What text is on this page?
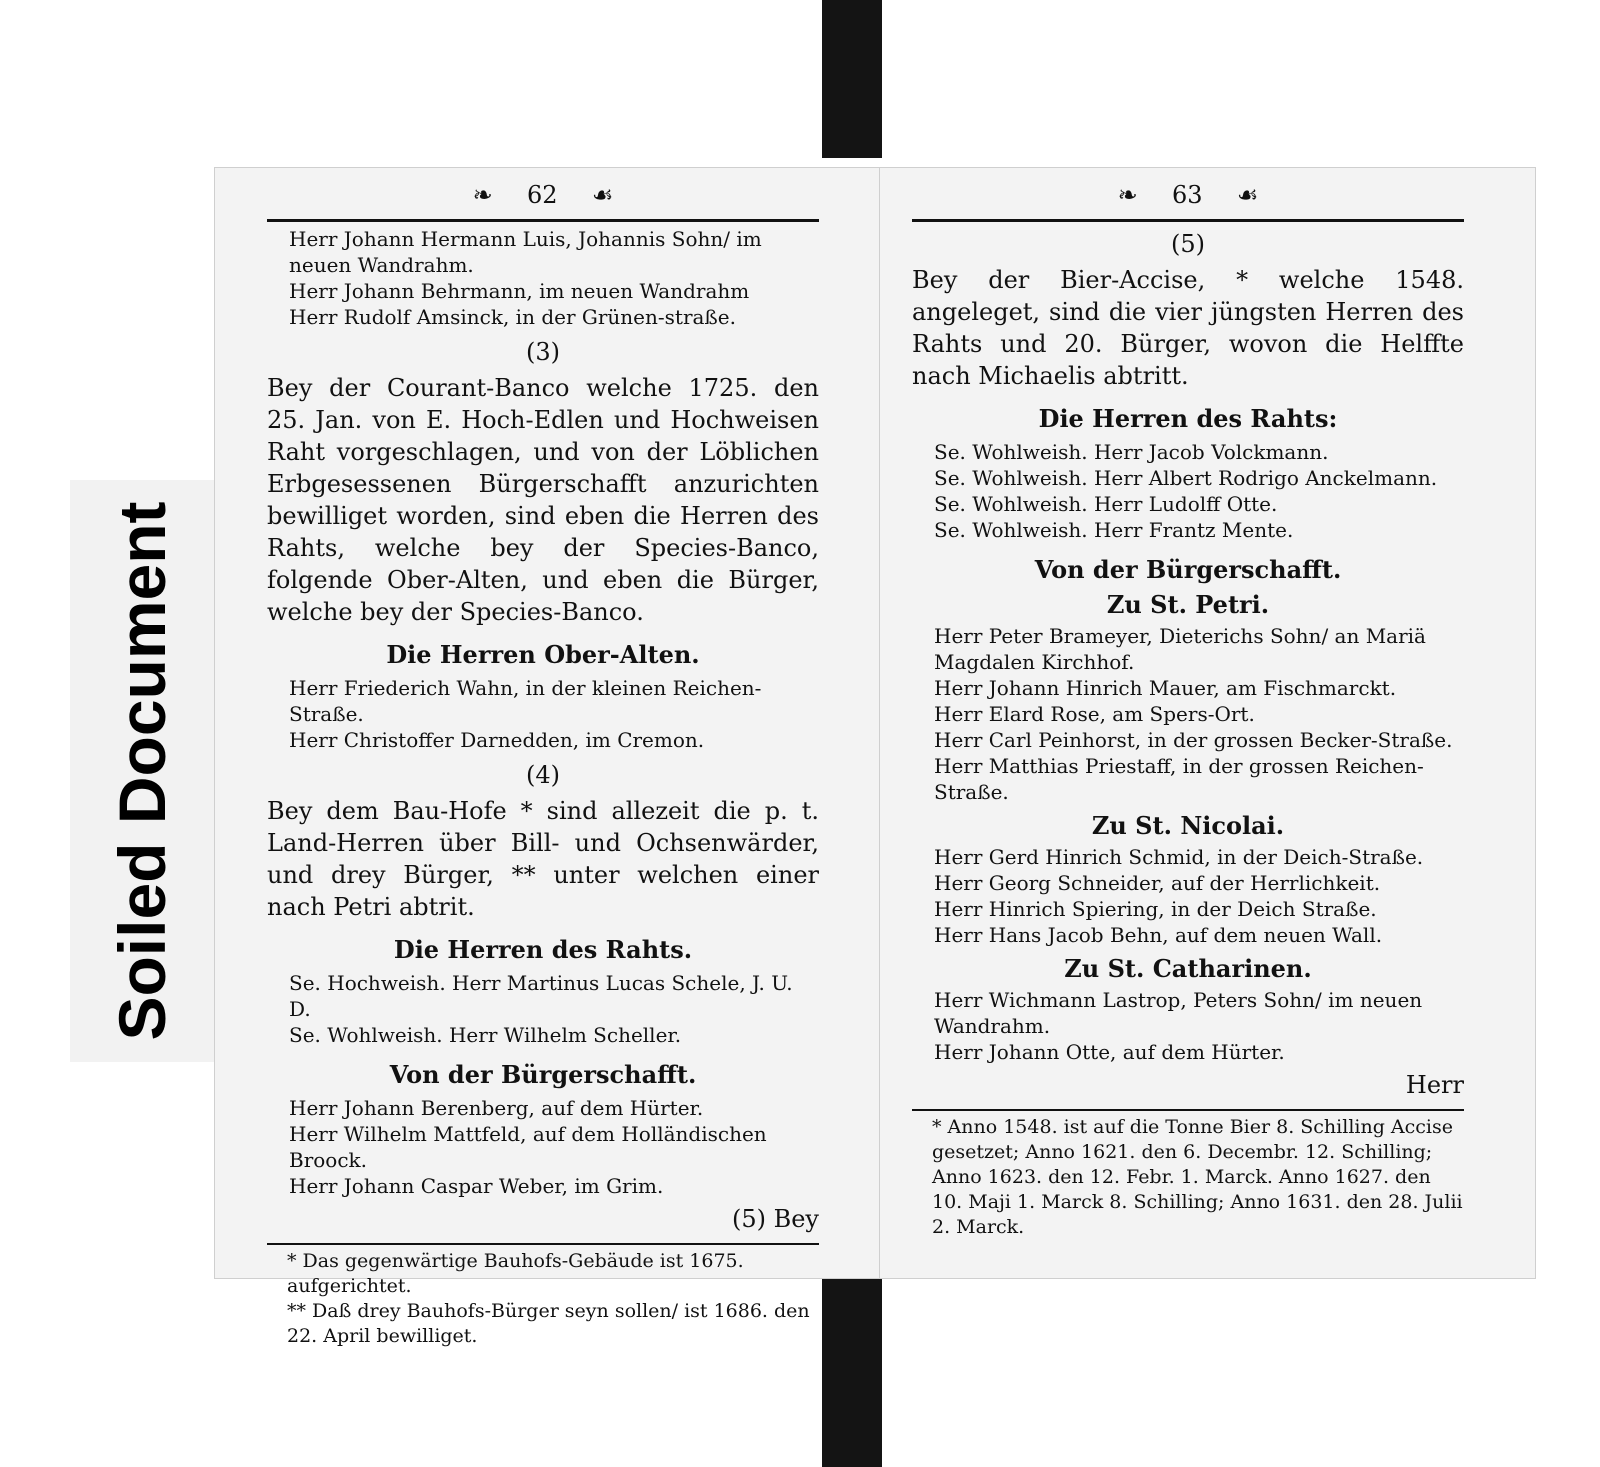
Soiled Document
❧ 62 ☙
Herr Johann Hermann Luis, Johannis Sohn/ im neuen Wandrahm.
Herr Johann Behrmann, im neuen Wandrahm
Herr Rudolf Amsinck, in der Grünen-straße.
(3)

Bey der Courant-Banco welche 1725. den 25. Jan. von E. Hoch-Edlen und Hochweisen Raht vorgeschlagen, und von der Löblichen Erbgesessenen Bürgerschafft anzurichten bewilliget worden, sind eben die Herren des Rahts, welche bey der Species-Banco, folgende Ober-Alten, und eben die Bürger, welche bey der Species-Banco.

Die Herren Ober-Alten.
Herr Friederich Wahn, in der kleinen Reichen-Straße.
Herr Christoffer Darnedden, im Cremon.
(4)

Bey dem Bau-Hofe * sind allezeit die p. t. Land-Herren über Bill- und Ochsenwärder, und drey Bürger, ** unter welchen einer nach Petri abtrit.

Die Herren des Rahts.
Se. Hochweish. Herr Martinus Lucas Schele, J. U. D.
Se. Wohlweish. Herr Wilhelm Scheller.
Von der Bürgerschafft.
Herr Johann Berenberg, auf dem Hürter.
Herr Wilhelm Mattfeld, auf dem Holländischen Broock.
Herr Johann Caspar Weber, im Grim.
(5) Bey
* Das gegenwärtige Bauhofs-Gebäude ist 1675. aufgerichtet.
** Daß drey Bauhofs-Bürger seyn sollen/ ist 1686. den 22. April bewilliget.
❧ 63 ☙
(5)

Bey der Bier-Accise, * welche 1548. angeleget, sind die vier jüngsten Herren des Rahts und 20. Bürger, wovon die Helffte nach Michaelis abtritt.

Die Herren des Rahts:
Se. Wohlweish. Herr Jacob Volckmann.
Se. Wohlweish. Herr Albert Rodrigo Anckelmann.
Se. Wohlweish. Herr Ludolff Otte.
Se. Wohlweish. Herr Frantz Mente.
Von der Bürgerschafft.
Zu St. Petri.
Herr Peter Brameyer, Dieterichs Sohn/ an Mariä Magdalen Kirchhof.
Herr Johann Hinrich Mauer, am Fischmarckt.
Herr Elard Rose, am Spers-Ort.
Herr Carl Peinhorst, in der grossen Becker-Straße.
Herr Matthias Priestaff, in der grossen Reichen-Straße.
Zu St. Nicolai.
Herr Gerd Hinrich Schmid, in der Deich-Straße.
Herr Georg Schneider, auf der Herrlichkeit.
Herr Hinrich Spiering, in der Deich Straße.
Herr Hans Jacob Behn, auf dem neuen Wall.
Zu St. Catharinen.
Herr Wichmann Lastrop, Peters Sohn/ im neuen Wandrahm.
Herr Johann Otte, auf dem Hürter.
Herr
* Anno 1548. ist auf die Tonne Bier 8. Schilling Accise gesetzet; Anno 1621. den 6. Decembr. 12. Schilling; Anno 1623. den 12. Febr. 1. Marck. Anno 1627. den 10. Maji 1. Marck 8. Schilling; Anno 1631. den 28. Julii 2. Marck.
